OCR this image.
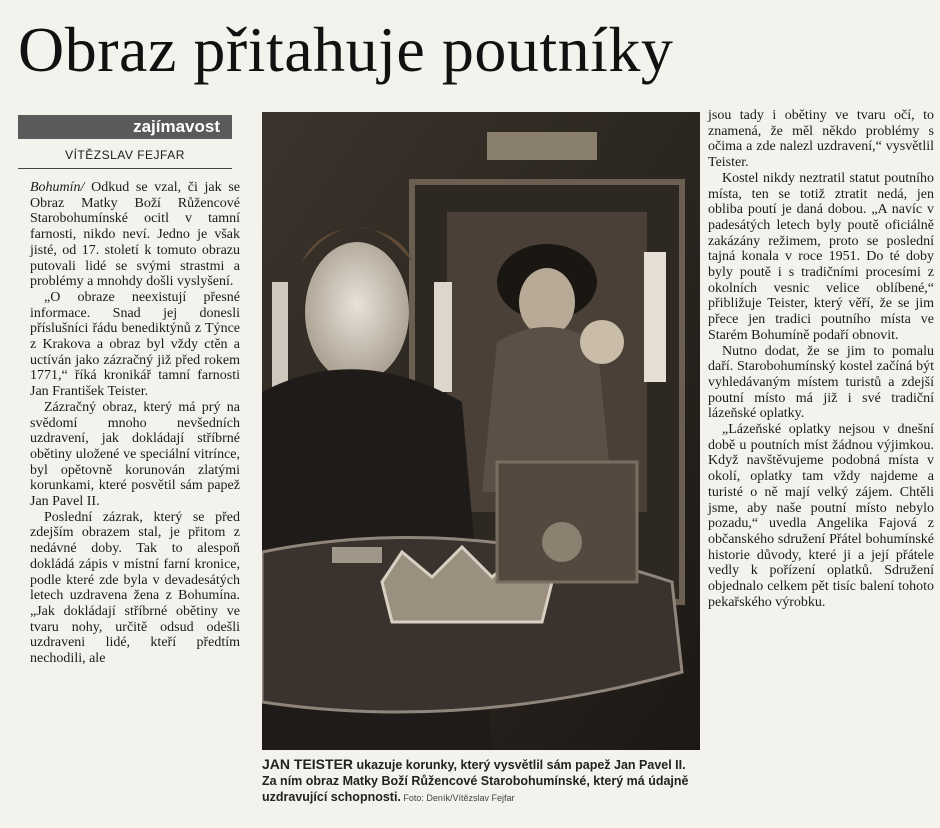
Obraz přitahuje poutníky
zajímavost
VÍTĚZSLAV FEJFAR

Bohumín/ Odkud se vzal, či jak se Obraz Matky Boží Růžencové Starobohumínské ocitl v tamní farnosti, nikdo neví. Jedno je však jisté, od 17. století k tomuto obrazu putovali lidé se svými strastmi a problémy a mnohdy došli vyslyšení.

„O obraze neexistují přesné informace. Snad jej donesli příslušníci řádu benediktýnů z Týnce z Krakova a obraz byl vždy ctěn a uctíván jako zázračný již před rokem 1771,“ říká kronikář tamní farnosti Jan František Teister.

Zázračný obraz, který má prý na svědomí mnoho nevšedních uzdravení, jak dokládají stříbrné obětiny uložené ve speciální vitríncе, byl opětovně korunován zlatými korunkami, které posvětil sám papež Jan Pavel II.

Poslední zázrak, který se před zdejším obrazem stal, je přitom z nedávné doby. Tak to alespoň dokládá zápis v místní farní kronice, podle které zde byla v devadesátých letech uzdravena žena z Bohumína. „Jak dokládají stříbrné obětiny ve tvaru nohy, určitě odsud odešli uzdraveni lidé, kteří předtím nechodili, ale

JAN TEISTER ukazuje korunky, který vysvětlil sám papež Jan Pavel II. Za ním obraz Matky Boží Růžencové Starobohumínské, který má údajně uzdravující schopnosti. Foto: Deník/Vítězslav Fejfar

jsou tady i obětiny ve tvaru očí, to znamená, že měl někdo problémy s očima a zde nalezl uzdravení,“ vysvětlil Teister.

Kostel nikdy neztratil statut poutního místa, ten se totiž ztratit nedá, jen obliba poutí je daná dobou. „A navíc v padesátých letech byly poutě oficiálně zakázány režimem, proto se poslední tajná konala v roce 1951. Do té doby byly poutě i s tradičními procesími z okolních vesnic velice oblíbené,“ přibližuje Teister, který věří, že se jim přece jen tradici poutního místa ve Starém Bohumíně podaří obnovit.

Nutno dodat, že se jim to pomalu daří. Starobohumínský kostel začíná být vyhledávaným místem turistů a zdejší poutní místo má již i své tradiční lázeňské oplatky.

„Lázeňské oplatky nejsou v dnešní době u poutních míst žádnou výjimkou. Když navštěvujeme podobná místa v okolí, oplatky tam vždy najdeme a turisté o ně mají velký zájem. Chtěli jsme, aby naše poutní místo nebylo pozadu,“ uvedla Angelika Fajová z občanského sdružení Přátel bohumínské historie důvody, které ji a její přátele vedly k pořízení oplatků. Sdružení objednalo celkem pět tisíc balení tohoto pekařského výrobku.
